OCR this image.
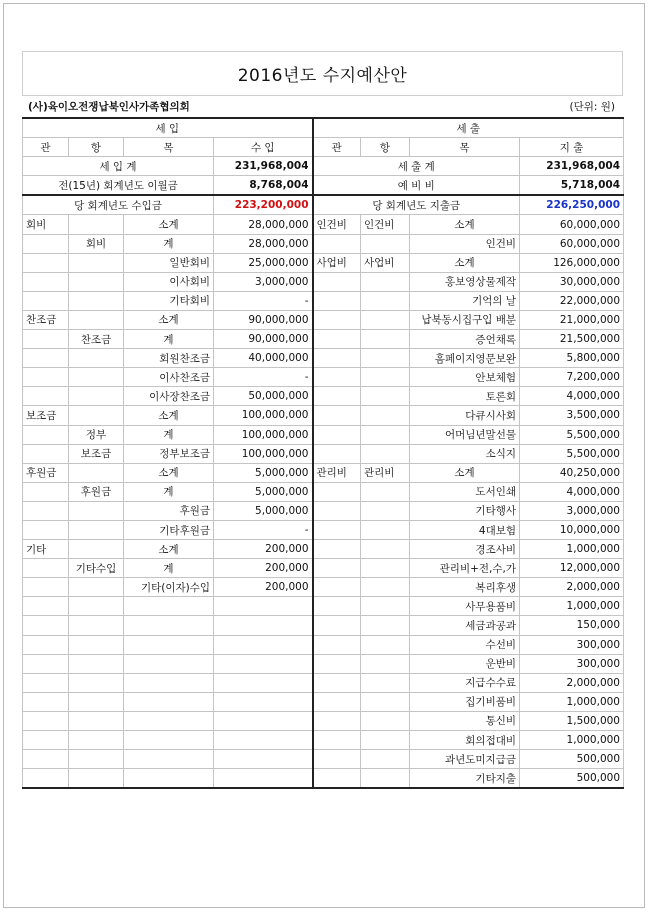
2016년도 수지예산안
(사)육이오전쟁납북인사가족협의회	(단위: 원)
세 입				세 출			
관	항	목	수 입	관	항	목	지 출
세 입 계			231,968,004	세 출 계			231,968,004
전(15년) 회계년도 이월금			8,768,004	예 비 비			5,718,004
당 회계년도 수입금			223,200,000	당 회계년도 지출금			226,250,000
회비		소계	28,000,000	인건비	인건비	소계	60,000,000
	회비	계	28,000,000			인건비	60,000,000
		일반회비	25,000,000	사업비	사업비	소계	126,000,000
		이사회비	3,000,000			홍보영상물제작	30,000,000
		기타회비	-			기억의 날	22,000,000
찬조금		소계	90,000,000			납북동시집구입 배분	21,000,000
	찬조금	계	90,000,000			증언채록	21,500,000
		회원찬조금	40,000,000			홈페이지영문보완	5,800,000
		이사찬조금	-			안보체험	7,200,000
		이사장찬조금	50,000,000			토론회	4,000,000
보조금		소계	100,000,000			다큐시사회	3,500,000
	정부	계	100,000,000			어머님년말선물	5,500,000
	보조금	정부보조금	100,000,000			소식지	5,500,000
후원금		소계	5,000,000	관리비	관리비	소계	40,250,000
	후원금	계	5,000,000			도서인쇄	4,000,000
		후원금	5,000,000			기타행사	3,000,000
		기타후원금	-			4대보험	10,000,000
기타		소계	200,000			경조사비	1,000,000
	기타수입	계	200,000			관리비+전,수,가	12,000,000
		기타(이자)수입	200,000			복리후생	2,000,000
						사무용품비	1,000,000
						세금과공과	150,000
						수선비	300,000
						운반비	300,000
						지급수수료	2,000,000
						집기비품비	1,000,000
						통신비	1,500,000
						회의접대비	1,000,000
						과년도미지급금	500,000
						기타지출	500,000
